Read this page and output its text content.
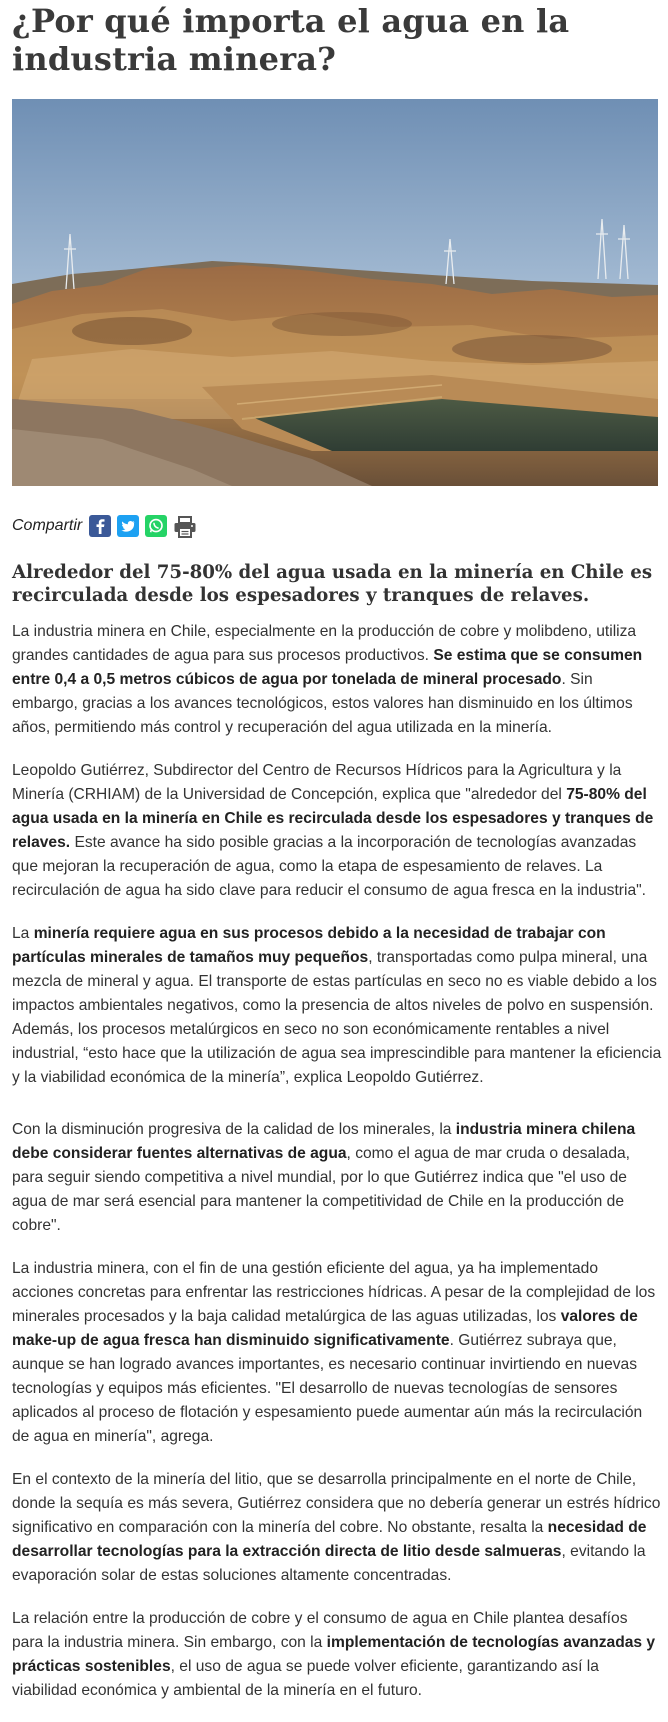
¿Por qué importa el agua en la industria minera?
Compartir
Alrededor del 75-80% del agua usada en la minería en Chile es recirculada desde los espesadores y tranques de relaves.

La industria minera en Chile, especialmente en la producción de cobre y molibdeno, utiliza grandes cantidades de agua para sus procesos productivos. Se estima que se consumen entre 0,4 a 0,5 metros cúbicos de agua por tonelada de mineral procesado. Sin embargo, gracias a los avances tecnológicos, estos valores han disminuido en los últimos años, permitiendo más control y recuperación del agua utilizada en la minería.

Leopoldo Gutiérrez, Subdirector del Centro de Recursos Hídricos para la Agricultura y la Minería (CRHIAM) de la Universidad de Concepción, explica que "alrededor del 75-80% del agua usada en la minería en Chile es recirculada desde los espesadores y tranques de relaves. Este avance ha sido posible gracias a la incorporación de tecnologías avanzadas que mejoran la recuperación de agua, como la etapa de espesamiento de relaves. La recirculación de agua ha sido clave para reducir el consumo de agua fresca en la industria".

La minería requiere agua en sus procesos debido a la necesidad de trabajar con partículas minerales de tamaños muy pequeños, transportadas como pulpa mineral, una mezcla de mineral y agua. El transporte de estas partículas en seco no es viable debido a los impactos ambientales negativos, como la presencia de altos niveles de polvo en suspensión. Además, los procesos metalúrgicos en seco no son económicamente rentables a nivel industrial, “esto hace que la utilización de agua sea imprescindible para mantener la eficiencia y la viabilidad económica de la minería”, explica Leopoldo Gutiérrez.

Con la disminución progresiva de la calidad de los minerales, la industria minera chilena debe considerar fuentes alternativas de agua, como el agua de mar cruda o desalada, para seguir siendo competitiva a nivel mundial, por lo que Gutiérrez indica que "el uso de agua de mar será esencial para mantener la competitividad de Chile en la producción de cobre".

La industria minera, con el fin de una gestión eficiente del agua, ya ha implementado acciones concretas para enfrentar las restricciones hídricas. A pesar de la complejidad de los minerales procesados y la baja calidad metalúrgica de las aguas utilizadas, los valores de make-up de agua fresca han disminuido significativamente. Gutiérrez subraya que, aunque se han logrado avances importantes, es necesario continuar invirtiendo en nuevas tecnologías y equipos más eficientes. "El desarrollo de nuevas tecnologías de sensores aplicados al proceso de flotación y espesamiento puede aumentar aún más la recirculación de agua en minería", agrega.

En el contexto de la minería del litio, que se desarrolla principalmente en el norte de Chile, donde la sequía es más severa, Gutiérrez considera que no debería generar un estrés hídrico significativo en comparación con la minería del cobre. No obstante, resalta la necesidad de desarrollar tecnologías para la extracción directa de litio desde salmueras, evitando la evaporación solar de estas soluciones altamente concentradas.

La relación entre la producción de cobre y el consumo de agua en Chile plantea desafíos para la industria minera. Sin embargo, con la implementación de tecnologías avanzadas y prácticas sostenibles, el uso de agua se puede volver eficiente, garantizando así la viabilidad económica y ambiental de la minería en el futuro.
